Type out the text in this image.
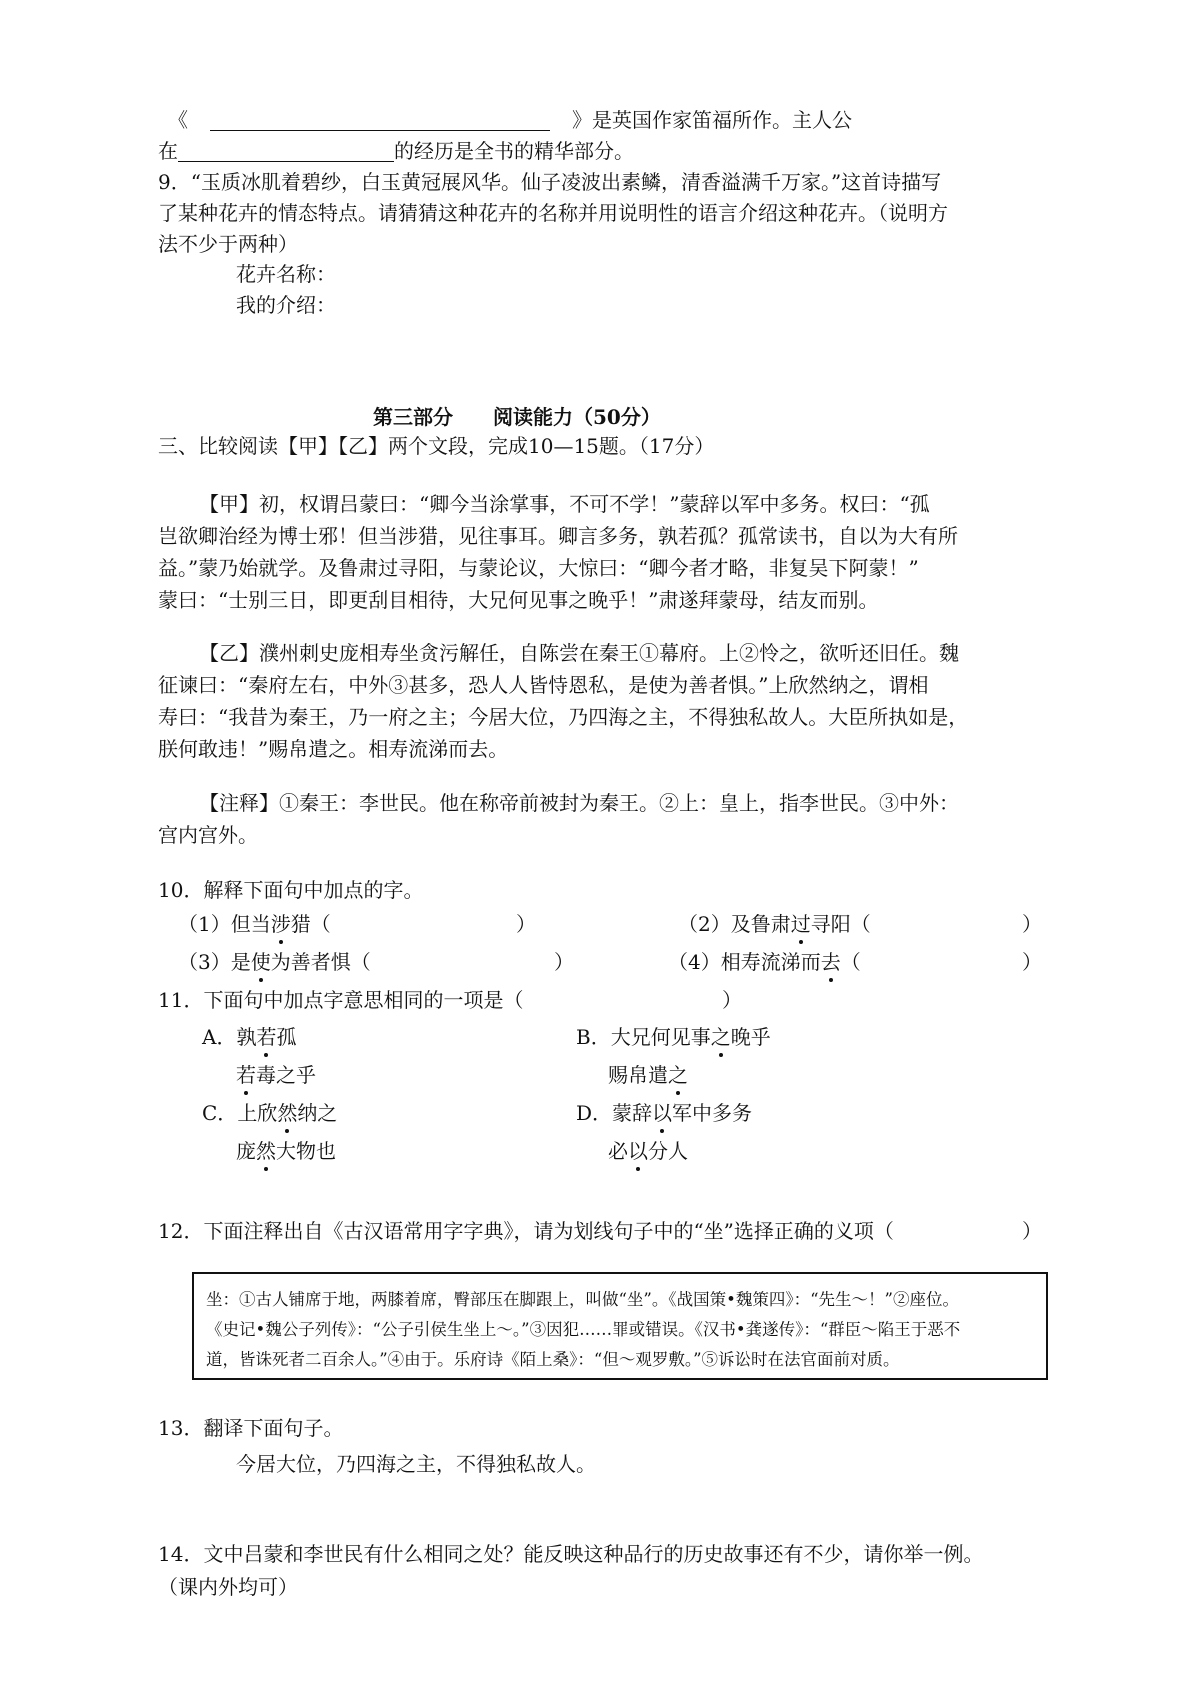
《	》是英国作家笛福所作。主人公
在	的经历是全书的精华部分。
9．“玉质冰肌着碧纱，白玉黄冠展风华。仙子凌波出素鳞，清香溢满千万家。”这首诗描写
了某种花卉的情态特点。请猜猜这种花卉的名称并用说明性的语言介绍这种花卉。（说明方
法不少于两种）
花卉名称：
我的介绍：
第三部分　　阅读能力（50分）
三、比较阅读【甲】【乙】两个文段，完成10—15题。（17分）
【甲】初，权谓吕蒙曰：“卿今当涂掌事，不可不学！”蒙辞以军中多务。权曰：“孤
岂欲卿治经为博士邪！但当涉猎，见往事耳。卿言多务，孰若孤？孤常读书，自以为大有所
益。”蒙乃始就学。及鲁肃过寻阳，与蒙论议，大惊曰：“卿今者才略，非复吴下阿蒙！”
蒙曰：“士别三日，即更刮目相待，大兄何见事之晚乎！”肃遂拜蒙母，结友而别。
【乙】濮州刺史庞相寿坐贪污解任，自陈尝在秦王①幕府。上②怜之，欲听还旧任。魏
征谏曰：“秦府左右，中外③甚多，恐人人皆恃恩私，是使为善者惧。”上欣然纳之，谓相
寿曰：“我昔为秦王，乃一府之主；今居大位，乃四海之主，不得独私故人。大臣所执如是，
朕何敢违！”赐帛遣之。相寿流涕而去。
【注释】①秦王：李世民。他在称帝前被封为秦王。②上：皇上，指李世民。③中外：
宫内宫外。
10．解释下面句中加点的字。
（1）但当涉猎（	）	（2）及鲁肃过寻阳（	）
（3）是使为善者惧（	）	（4）相寿流涕而去（	）
11．下面句中加点字意思相同的一项是（	）
A．孰若孤	B．大兄何见事之晚乎
若毒之乎	赐帛遣之
C．上欣然纳之	D．蒙辞以军中多务
庞然大物也	必以分人
12．下面注释出自《古汉语常用字字典》，请为划线句子中的“坐”选择正确的义项（	）
坐：①古人铺席于地，两膝着席，臀部压在脚跟上，叫做“坐”。《战国策•魏策四》：“先生～！”②座位。
《史记•魏公子列传》：“公子引侯生坐上～。”③因犯……罪或错误。《汉书•龚遂传》：“群臣～陷王于恶不
道，皆诛死者二百余人。”④由于。乐府诗《陌上桑》：“但～观罗敷。”⑤诉讼时在法官面前对质。
13．翻译下面句子。
今居大位，乃四海之主，不得独私故人。
14．文中吕蒙和李世民有什么相同之处？能反映这种品行的历史故事还有不少，请你举一例。
（课内外均可）
